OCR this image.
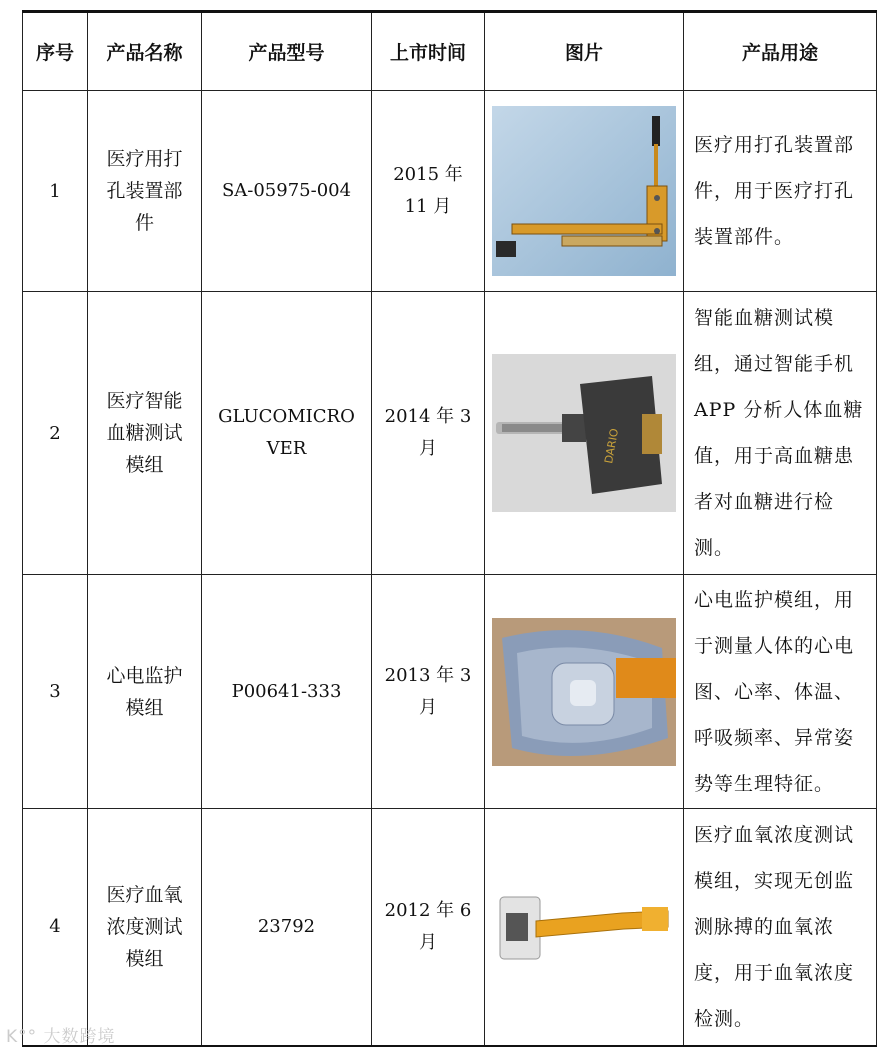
序号	产品名称	产品型号	上市时间	图片	产品用途
1	医疗用打孔装置部件	SA-05975-004	2015 年 11 月		医疗用打孔装置部件，用于医疗打孔装置部件。
2	医疗智能血糖测试模组	GLUCOMICROVER	2014 年 3 月	DARIO	智能血糖测试模组，通过智能手机APP 分析人体血糖值，用于高血糖患者对血糖进行检测。
3	心电监护模组	P00641-333	2013 年 3 月		心电监护模组，用于测量人体的心电图、心率、体温、呼吸频率、异常姿势等生理特征。
4	医疗血氧浓度测试模组	23792	2012 年 6 月		医疗血氧浓度测试模组，实现无创监测脉搏的血氧浓度，用于血氧浓度检测。
K°° 大数跨境
